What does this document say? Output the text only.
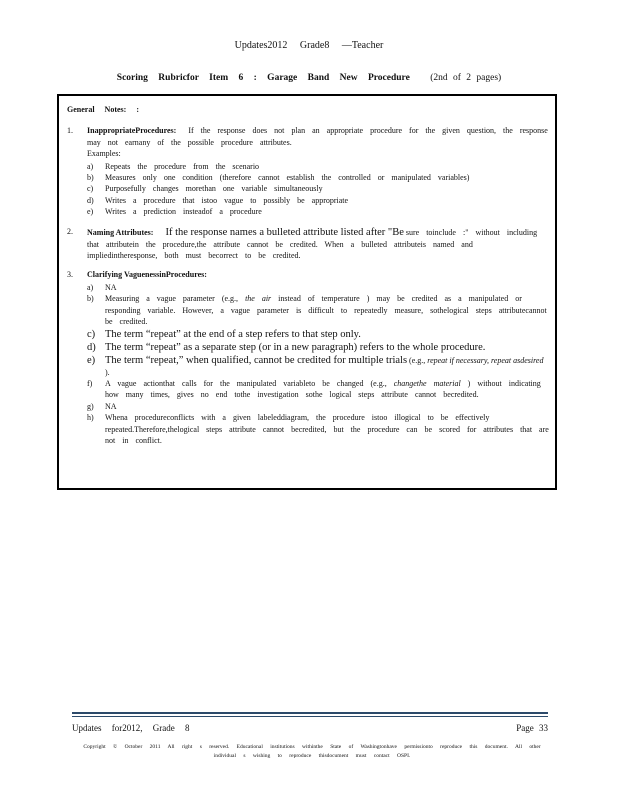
Updates2012 Grade8 —Teacher
Scoring Rubricfor Item 6 : Garage Band New Procedure (2nd of 2 pages)
General Notes: :
1. InappropriateProcedures: If the response does not plan an appropriate procedure for the given question, the response may not earnany of the possible procedure attributes.
Examples:
a) Repeats the procedure from the scenario
b) Measures only one condition (therefore cannot establish the controlled or manipulated variables)
c) Purposefully changes morethan one variable simultaneously
d) Writes a procedure that istoo vague to possibly be appropriate
e) Writes a prediction insteadof a procedure
2. Naming Attributes: If the response names a bulleted attribute listed after "Be sure toinclude :" without including that attributein the procedure,the attribute cannot be credited. When a bulleted attributeis named and impliedintheresponse, both must becorrect to be credited.
3. Clarifying VaguenessinProcedures:
a) NA
b) Measuring a vague parameter (e.g., the air instead of temperature ) may be credited as a manipulated or responding variable. However, a vague parameter is difficult to repeatedly measure, sothelogical steps attributecannot be credited.
c) The term “repeat” at the end of a step refers to that step only.
d) The term “repeat” as a separate step (or in a new paragraph) refers to the whole procedure.
e) The term “repeat,” when qualified, cannot be credited for multiple trials (e.g., repeat if necessary, repeat asdesired ).
f) A vague actionthat calls for the manipulated variableto be changed (e.g., changethe material ) without indicating how many times, gives no end tothe investigation sothe logical steps attribute cannot becredited.
g) NA
h) Whena procedureconflicts with a given labeleddiagram, the procedure istoo illogical to be effectively repeated.Therefore,thelogical steps attribute cannot becredited, but the procedure can be scored for attributes that are not in conflict.
Updates for2012, Grade 8	Page 33
Copyright © October 2011 All right s reserved. Educational institutions withinthe State of Washingtonhave permissionto reproduce this document. All other individual s wishing to reproduce thisdocument must contact OSPI.
